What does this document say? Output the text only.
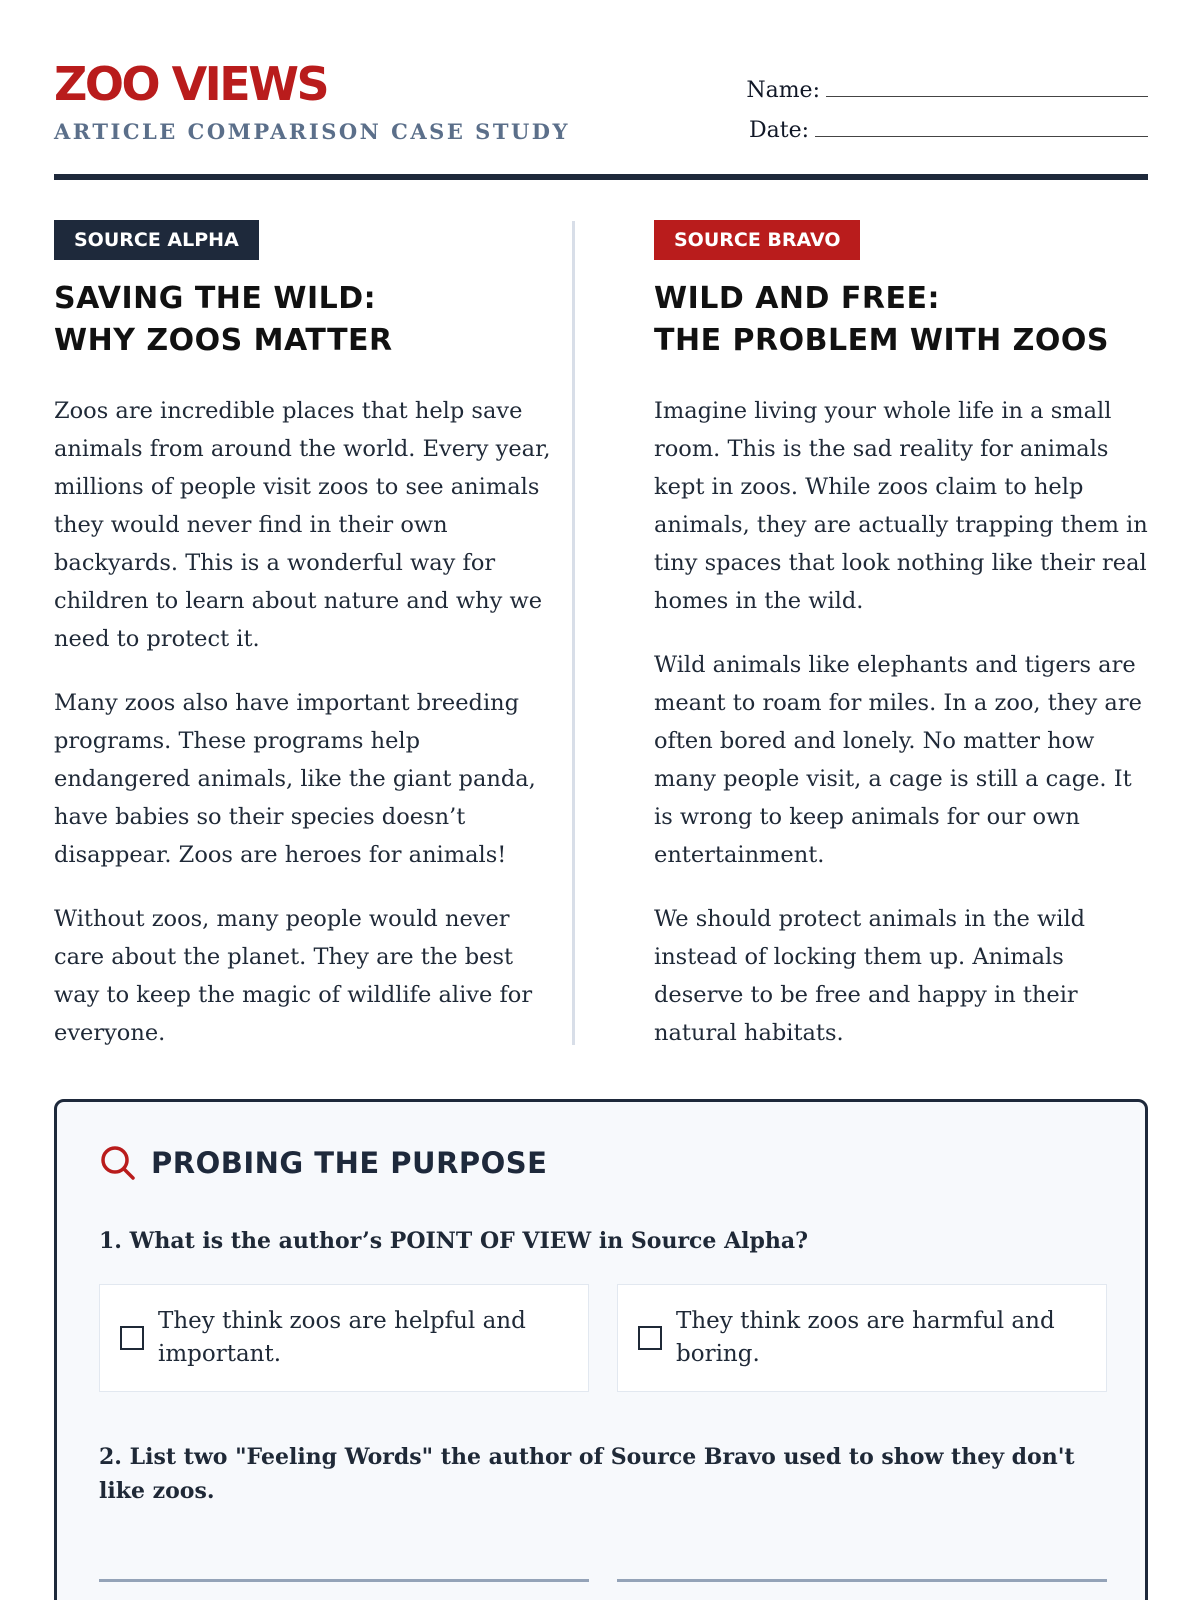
ZOO VIEWS
ARTICLE COMPARISON CASE STUDY
Name:
Date:
SOURCE ALPHA
SAVING THE WILD:
WHY ZOOS MATTER

Zoos are incredible places that help save animals from around the world. Every year, millions of people visit zoos to see animals they would never find in their own backyards. This is a wonderful way for children to learn about nature and why we need to protect it.

Many zoos also have important breeding programs. These programs help endangered animals, like the giant panda, have babies so their species doesn’t disappear. Zoos are heroes for animals!

Without zoos, many people would never care about the planet. They are the best way to keep the magic of wildlife alive for everyone.

SOURCE BRAVO
WILD AND FREE:
THE PROBLEM WITH ZOOS

Imagine living your whole life in a small room. This is the sad reality for animals kept in zoos. While zoos claim to help animals, they are actually trapping them in tiny spaces that look nothing like their real homes in the wild.

Wild animals like elephants and tigers are meant to roam for miles. In a zoo, they are often bored and lonely. No matter how many people visit, a cage is still a cage. It is wrong to keep animals for our own entertainment.

We should protect animals in the wild instead of locking them up. Animals deserve to be free and happy in their natural habitats.

PROBING THE PURPOSE
1. What is the author’s POINT OF VIEW in Source Alpha?
They think zoos are helpful and important.
They think zoos are harmful and boring.
2. List two "Feeling Words" the author of Source Bravo used to show they don't like zoos.
